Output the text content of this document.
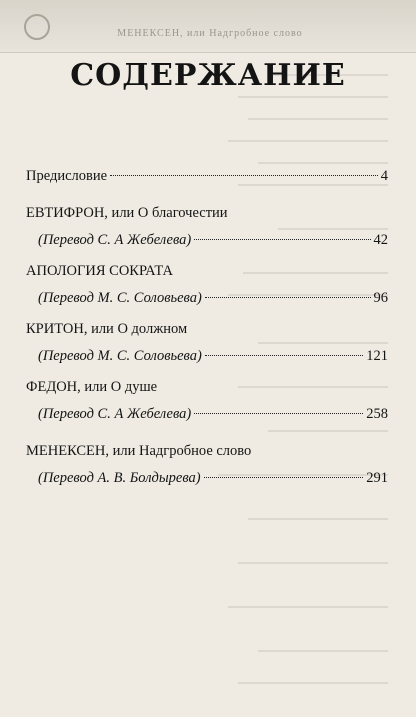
МЕНЕКСЕН, или Надгробное слово
СОДЕРЖАНИЕ
Предисловие	4
ЕВТИФРОН, или О благочестии
(Перевод С. А Жебелева)	42
АПОЛОГИЯ СОКРАТА
(Перевод М. С. Соловьева)	96
КРИТОН, или О должном
(Перевод М. С. Соловьева)	121
ФЕДОН, или О душе
(Перевод С. А Жебелева)	258
МЕНЕКСЕН, или Надгробное слово
(Перевод А. В. Болдырева)	291
